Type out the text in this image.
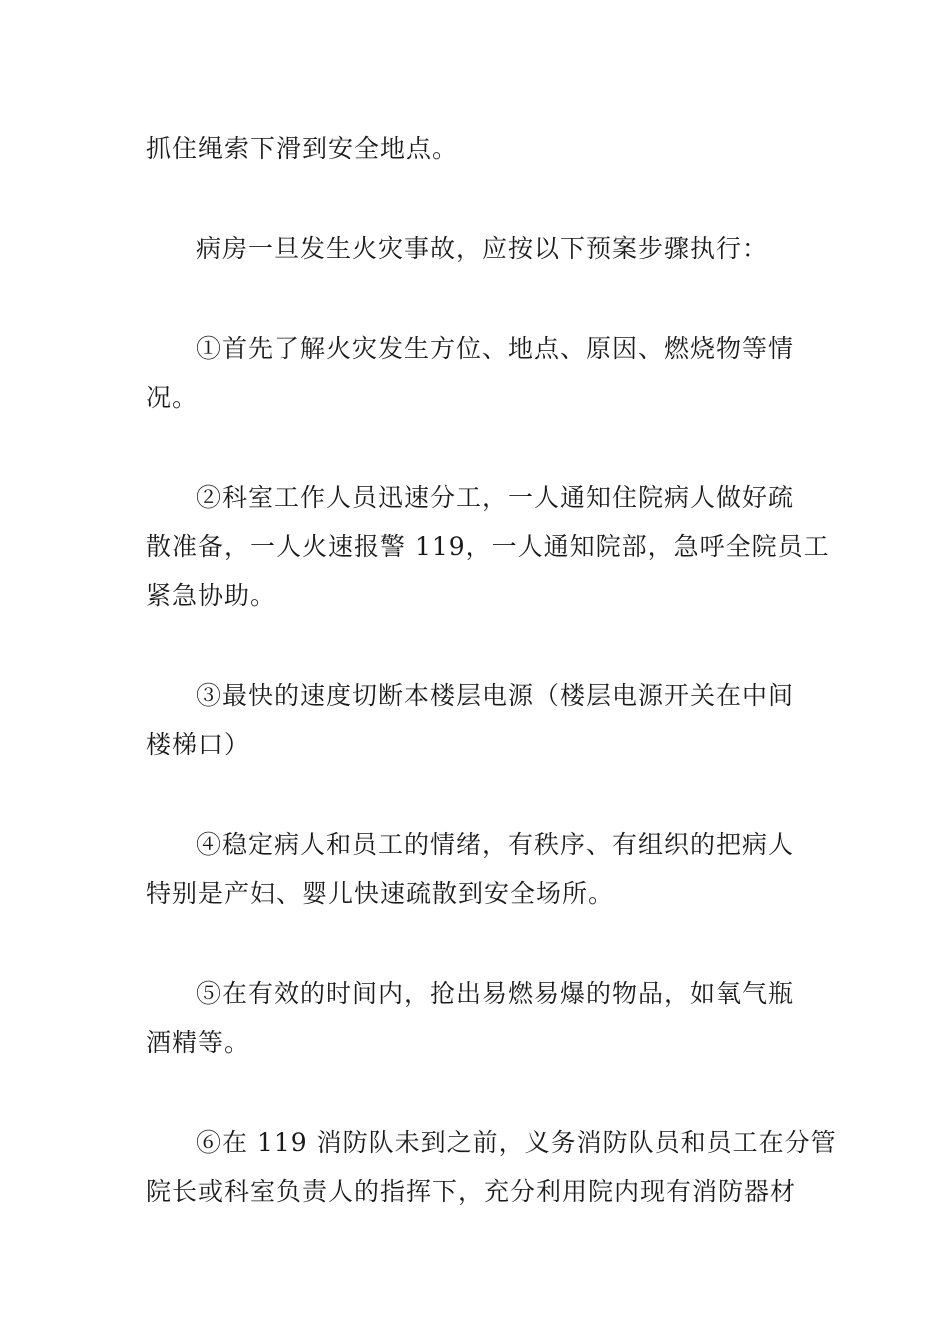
抓住绳索下滑到安全地点。
病房一旦发生火灾事故，应按以下预案步骤执行：
①首先了解火灾发生方位、地点、原因、燃烧物等情
况。
②科室工作人员迅速分工，一人通知住院病人做好疏
散准备，一人火速报警 119，一人通知院部，急呼全院员工
紧急协助。
③最快的速度切断本楼层电源（楼层电源开关在中间
楼梯口）
④稳定病人和员工的情绪，有秩序、有组织的把病人
特别是产妇、婴儿快速疏散到安全场所。
⑤在有效的时间内，抢出易燃易爆的物品，如氧气瓶
酒精等。
⑥在 119 消防队未到之前，义务消防队员和员工在分管
院长或科室负责人的指挥下，充分利用院内现有消防器材
